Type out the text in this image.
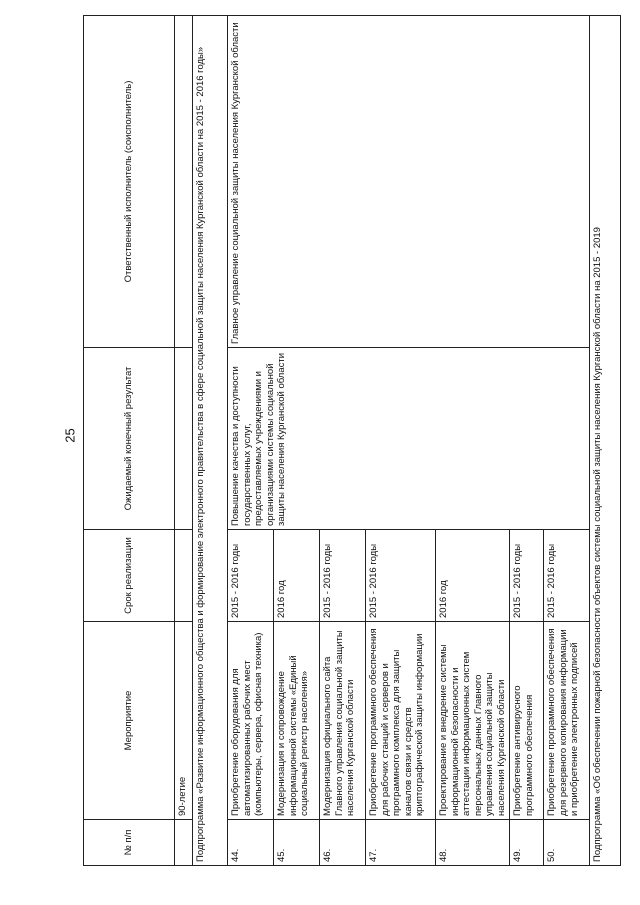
25
№ п/п	Мероприятие	Срок реализации	Ожидаемый конечный результат	Ответственный исполнитель (соисполнитель)
	90-летие			
Подпрограмма «Развитие информационного общества и формирование электронного правительства в сфере социальной защиты населения Курганской области на 2015 - 2016 годы»				
44.	Приобретение оборудования для автоматизированных рабочих мест (компьютеры, сервера, офисная техника)	2015 - 2016 годы	Повышение качества и доступности государственных услуг, предоставляемых учреждениями и организациями системы социальной защиты населения Курганской области	Главное управление социальной защиты населения Курганской области
45.	Модернизация и сопровождение информационной системы «Единый социальный регистр населения»	2016 год		
46.	Модернизация официального сайта Главного управления социальной защиты населения Курганской области	2015 - 2016 годы		
47.	Приобретение программного обеспечения для рабочих станций и серверов и программного комплекса для защиты каналов связи и средств криптографической защиты информации	2015 - 2016 годы		
48.	Проектирование и внедрение системы информационной безопасности и аттестации информационных систем персональных данных Главного управления социальной защиты населения Курганской области	2016 год		
49.	Приобретение антивирусного программного обеспечения	2015 - 2016 годы		
50.	Приобретение программного обеспечения для резервного копирования информации и приобретение электронных подписей	2015 - 2016 годы		
Подпрограмма «Об обеспечении пожарной безопасности объектов системы социальной защиты населения Курганской области на 2015 - 2019				
